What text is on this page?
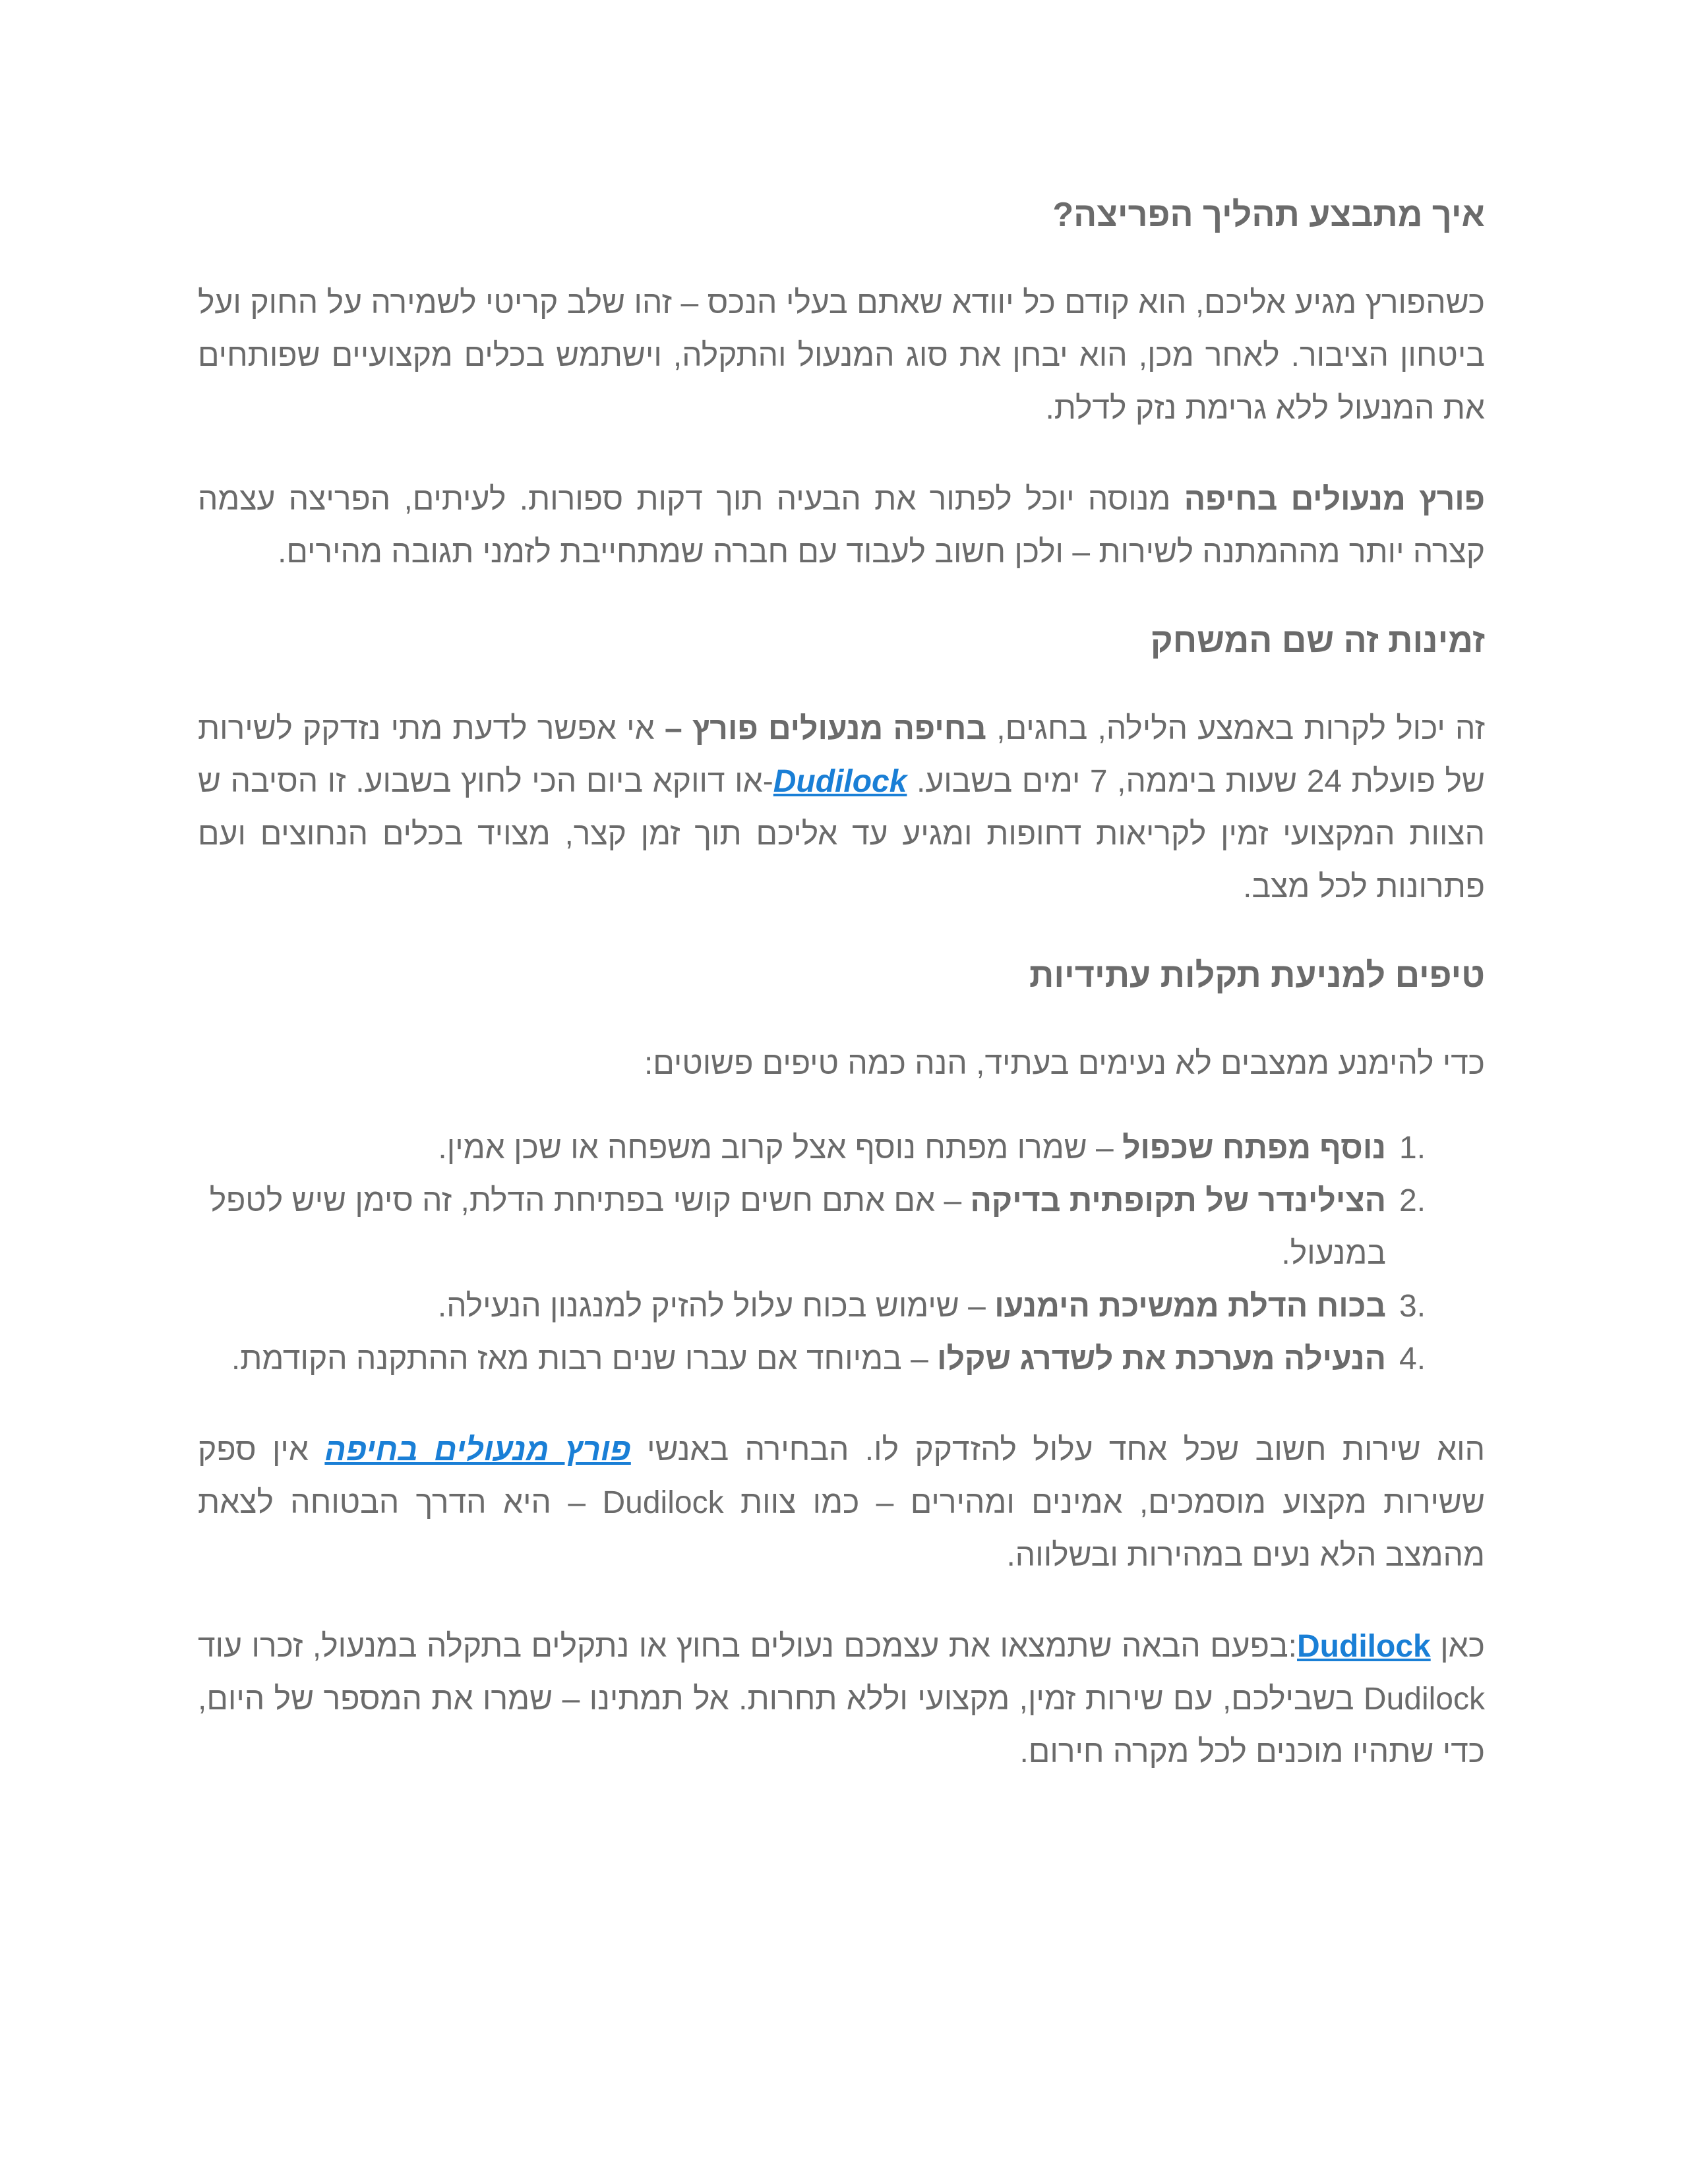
איך מתבצע תהליך הפריצה?

כשהפורץ מגיע אליכם, הוא קודם כל יוודא שאתם בעלי הנכס – זהו שלב קריטי לשמירה על החוק ועל ביטחון הציבור. לאחר מכן, הוא יבחן את סוג המנעול והתקלה, וישתמש בכלים מקצועיים שפותחים את המנעול ללא גרימת נזק לדלת.

פורץ מנעולים בחיפה מנוסה יוכל לפתור את הבעיה תוך דקות ספורות. לעיתים, הפריצה עצמה קצרה יותר מההמתנה לשירות – ולכן חשוב לעבוד עם חברה שמתחייבת לזמני תגובה מהירים.

זמינות זה שם המשחק

זה יכול לקרות באמצע הלילה, בחגים, בחיפה מנעולים פורץ – אי אפשר לדעת מתי נזדקק לשירות של פועלת 24 שעות ביממה, 7 ימים בשבוע. Dudilock-או דווקא ביום הכי לחוץ בשבוע. זו הסיבה ש הצוות המקצועי זמין לקריאות דחופות ומגיע עד אליכם תוך זמן קצר, מצויד בכלים הנחוצים ועם פתרונות לכל מצב.

טיפים למניעת תקלות עתידיות

כדי להימנע ממצבים לא נעימים בעתיד, הנה כמה טיפים פשוטים:

1.
נוסף מפתח שכפול – שמרו מפתח נוסף אצל קרוב משפחה או שכן אמין.
2.
הצילינדר של תקופתית בדיקה – אם אתם חשים קושי בפתיחת הדלת, זה סימן שיש לטפל במנעול.
3.
בכוח הדלת ממשיכת הימנעו – שימוש בכוח עלול להזיק למנגנון הנעילה.
4.
הנעילה מערכת את לשדרג שקלו – במיוחד אם עברו שנים רבות מאז ההתקנה הקודמת.

הוא שירות חשוב שכל אחד עלול להזדקק לו. הבחירה באנשי פורץ מנעולים בחיפה אין ספק ששירות מקצוע מוסמכים, אמינים ומהירים – כמו צוות Dudilock – היא הדרך הבטוחה לצאת מהמצב הלא נעים במהירות ובשלווה.

כאן Dudilock:בפעם הבאה שתמצאו את עצמכם נעולים בחוץ או נתקלים בתקלה במנעול, זכרו עוד Dudilock בשבילכם, עם שירות זמין, מקצועי וללא תחרות. אל תמתינו – שמרו את המספר של היום, כדי שתהיו מוכנים לכל מקרה חירום.
